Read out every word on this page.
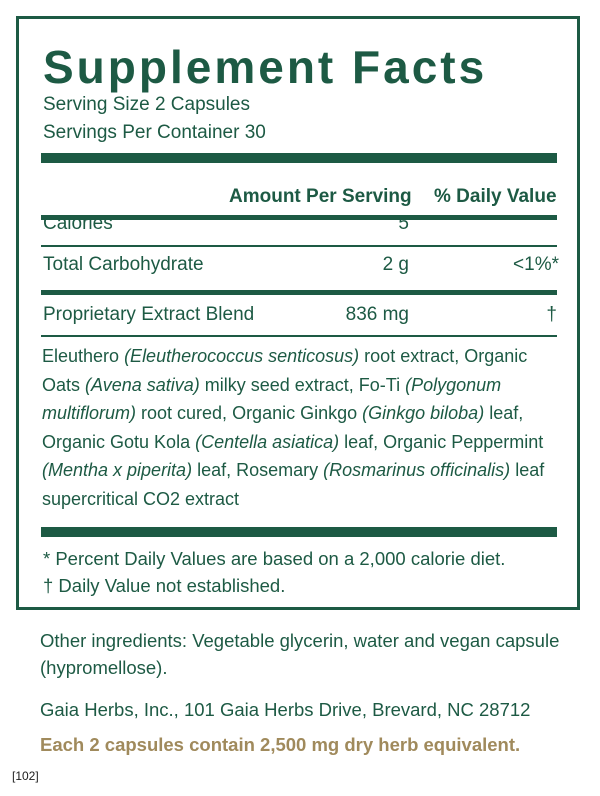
Supplement Facts
Serving Size 2 Capsules
Servings Per Container 30
Amount Per Serving % Daily Value
Calories	5
Total Carbohydrate	2 g	<1%*
Proprietary Extract Blend	836 mg	†
* Percent Daily Values are based on a 2,000 calorie diet.
† Daily Value not established.
Eleuthero (Eleutherococcus senticosus) root extract, Organic Oats (Avena sativa) milky seed extract, Fo-Ti (Polygonum multiflorum) root cured, Organic Ginkgo (Ginkgo biloba) leaf, Organic Gotu Kola (Centella asiatica) leaf, Organic Peppermint (Mentha x piperita) leaf, Rosemary (Rosmarinus officinalis) leaf supercritical CO2 extract
Other ingredients: Vegetable glycerin, water and vegan capsule (hypromellose).
Gaia Herbs, Inc., 101 Gaia Herbs Drive, Brevard, NC 28712
Each 2 capsules contain 2,500 mg dry herb equivalent.
[102]
